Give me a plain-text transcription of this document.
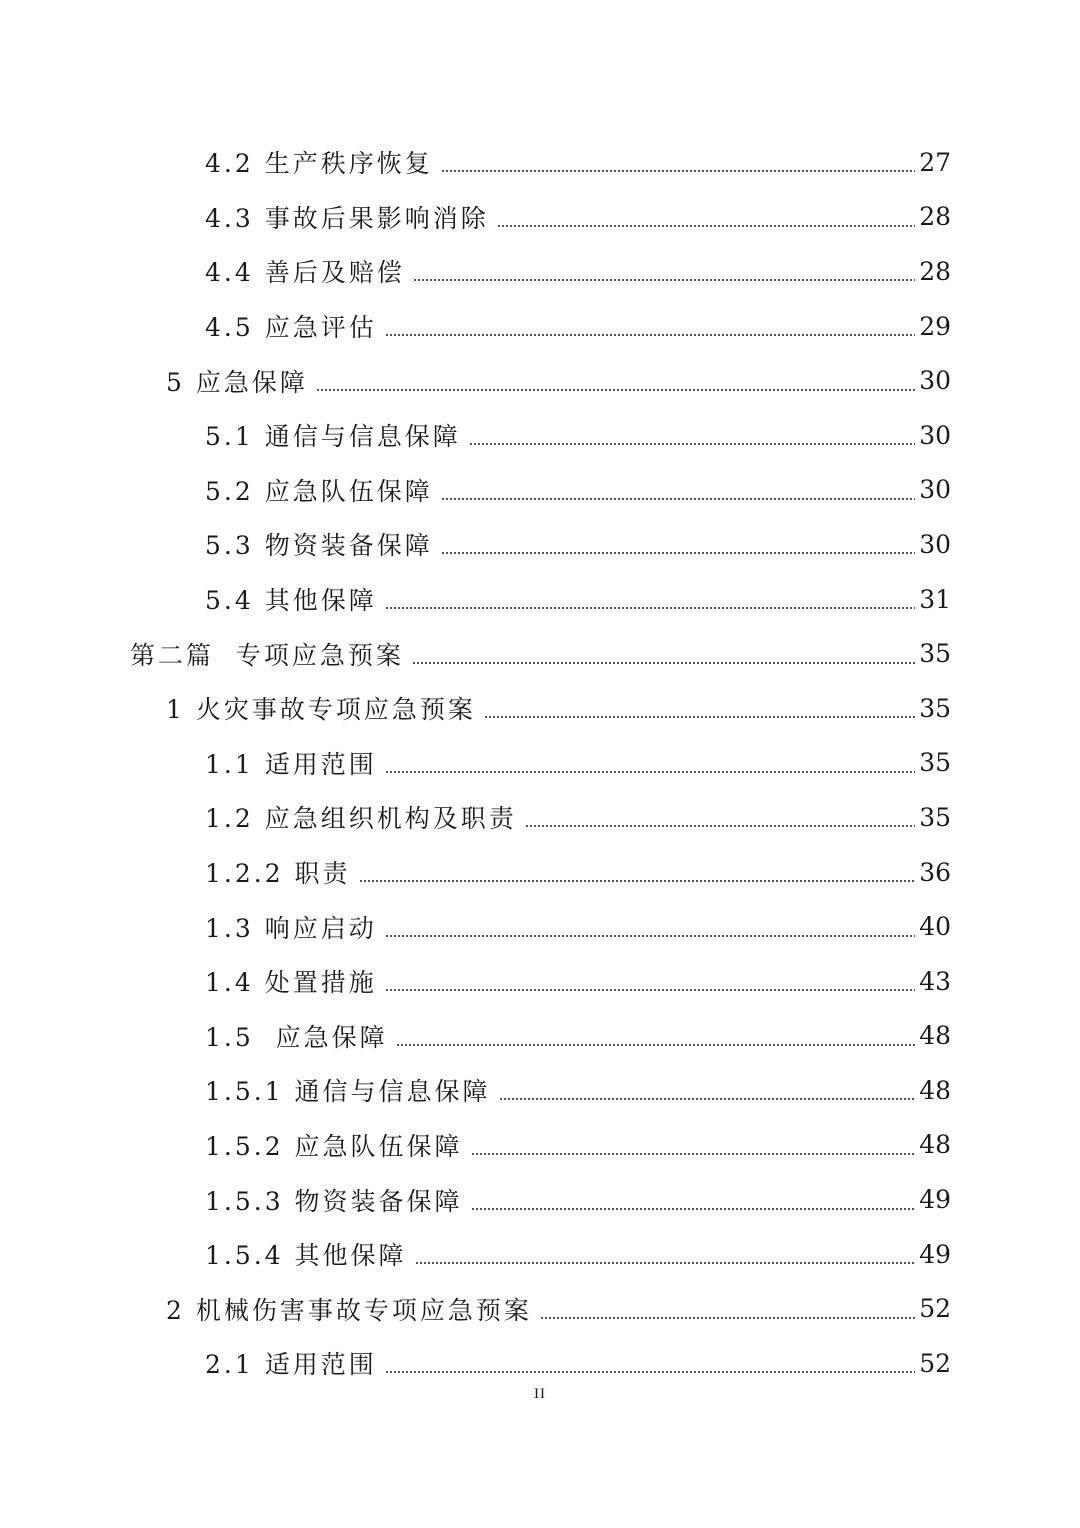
4.2 生产秩序恢复	27
4.3 事故后果影响消除	28
4.4 善后及赔偿	28
4.5 应急评估	29
5 应急保障	30
5.1 通信与信息保障	30
5.2 应急队伍保障	30
5.3 物资装备保障	30
5.4 其他保障	31
第二篇  专项应急预案	35
1 火灾事故专项应急预案	35
1.1 适用范围	35
1.2 应急组织机构及职责	35
1.2.2 职责	36
1.3 响应启动	40
1.4 处置措施	43
1.5  应急保障	48
1.5.1 通信与信息保障	48
1.5.2 应急队伍保障	48
1.5.3 物资装备保障	49
1.5.4 其他保障	49
2 机械伤害事故专项应急预案	52
2.1 适用范围	52
II
